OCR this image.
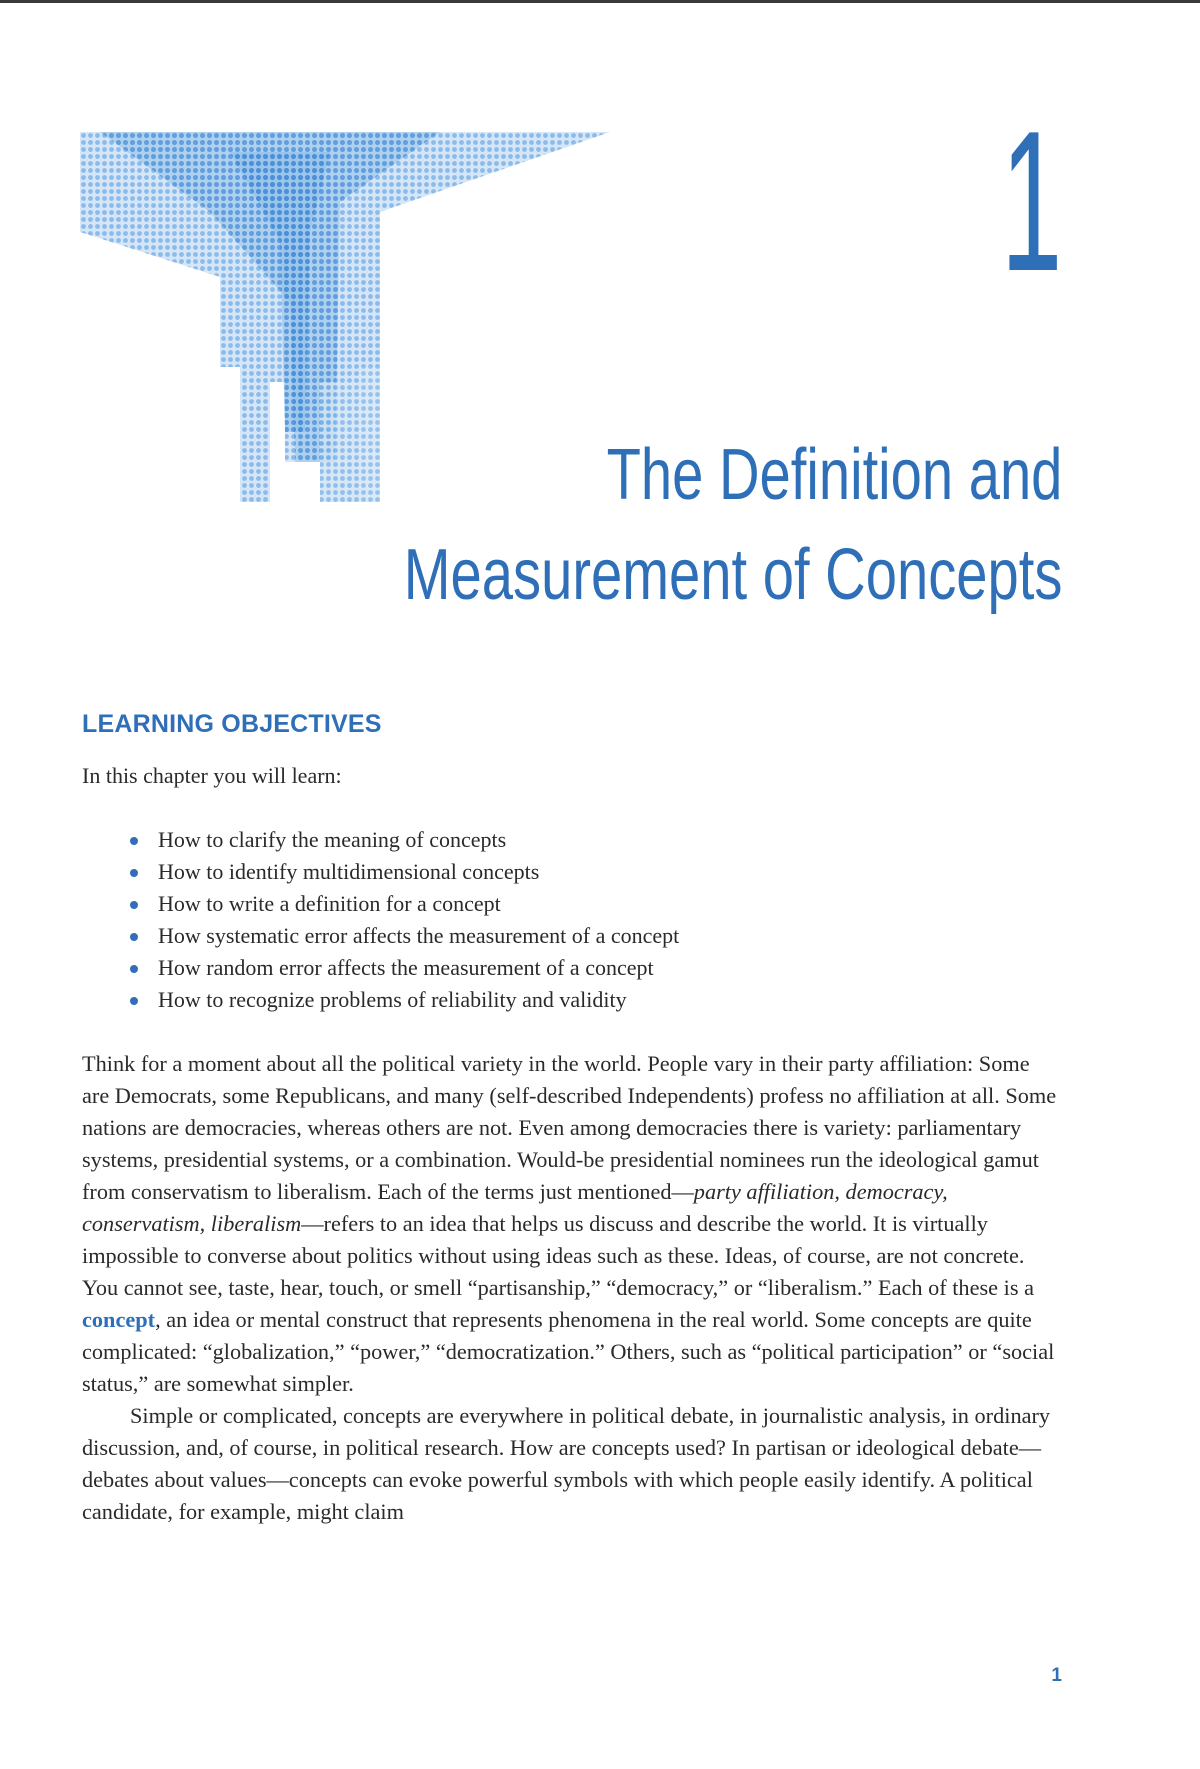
1
The Definition and
Measurement of Concepts
LEARNING OBJECTIVES
In this chapter you will learn:
How to clarify the meaning of concepts
How to identify multidimensional concepts
How to write a definition for a concept
How systematic error affects the measurement of a concept
How random error affects the measurement of a concept
How to recognize problems of reliability and validity

Think for a moment about all the political variety in the world. People vary in their party affiliation: Some are Democrats, some Republicans, and many (self-described Independents) profess no affiliation at all. Some nations are democracies, whereas others are not. Even among democracies there is variety: parliamentary systems, presidential systems, or a combination. Would-be presidential nominees run the ideological gamut from conservatism to liberalism. Each of the terms just mentioned—party affiliation, democracy, conservatism, liberalism—refers to an idea that helps us discuss and describe the world. It is virtually impossible to converse about politics without using ideas such as these. Ideas, of course, are not concrete. You cannot see, taste, hear, touch, or smell “partisanship,” “democracy,” or “liberalism.” Each of these is a concept, an idea or mental construct that represents phenomena in the real world. Some concepts are quite complicated: “globalization,” “power,” “democratization.” Others, such as “political participation” or “social status,” are somewhat simpler.

Simple or complicated, concepts are everywhere in political debate, in journalistic analysis, in ordinary discussion, and, of course, in political research. How are concepts used? In partisan or ideological debate—debates about values—concepts can evoke powerful symbols with which people easily identify. A political candidate, for example, might claim

1
